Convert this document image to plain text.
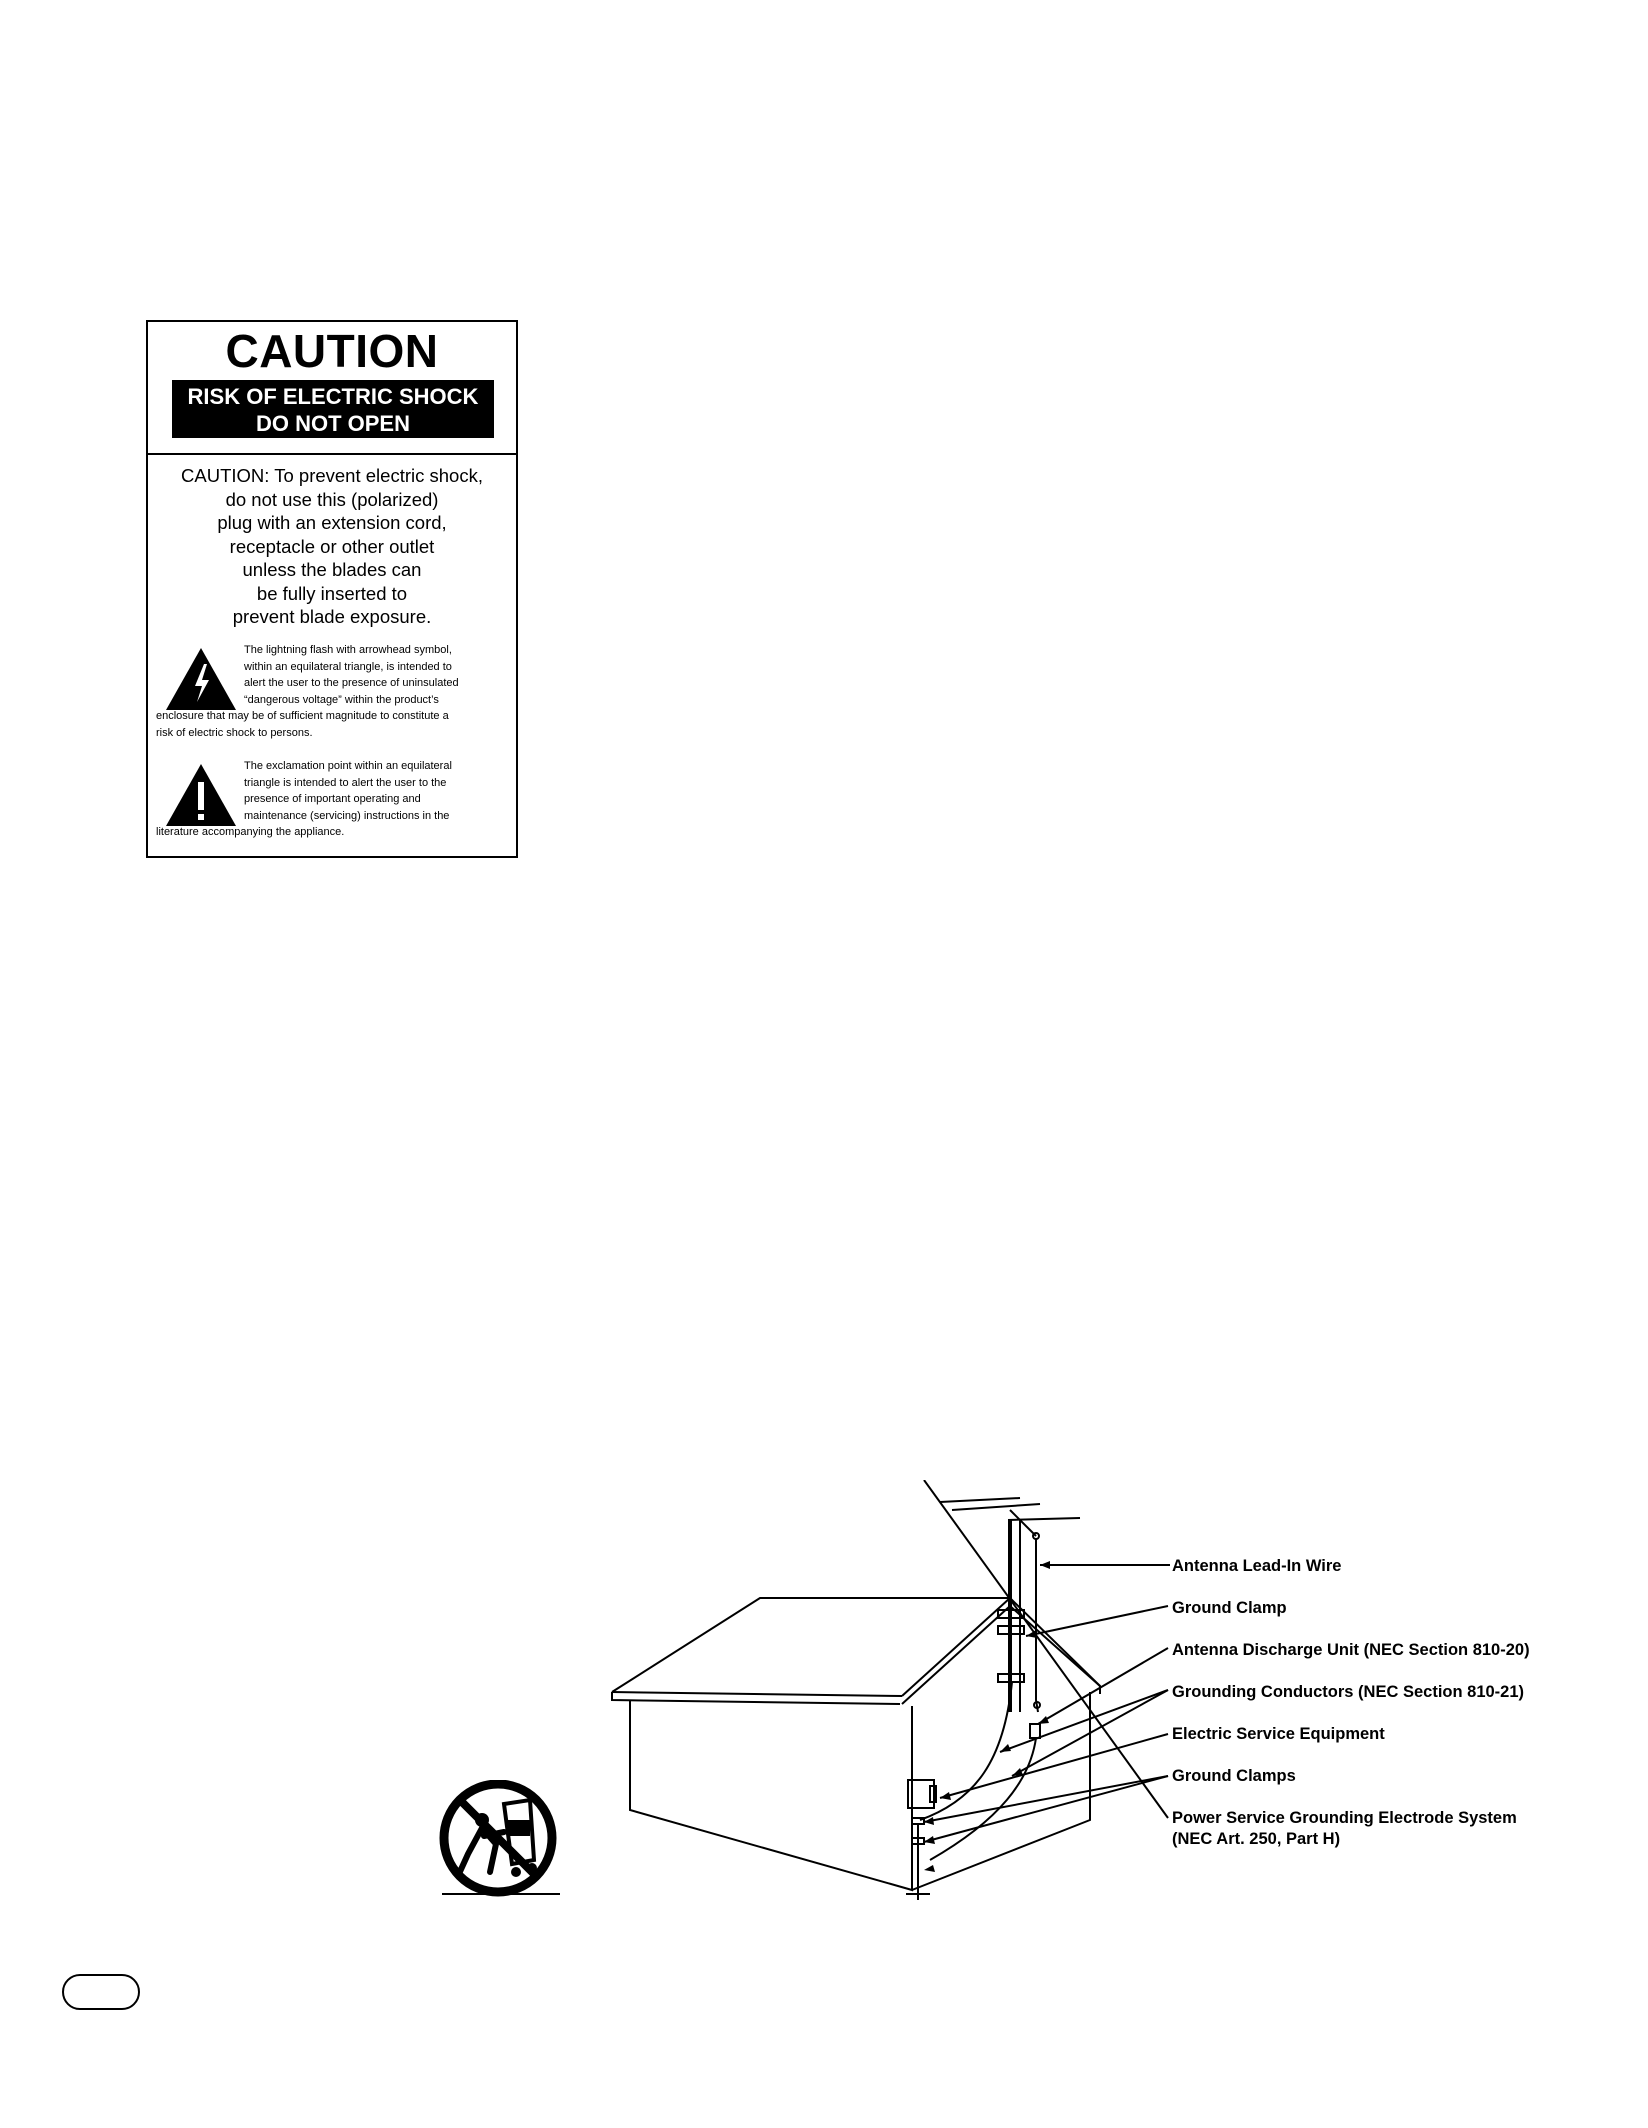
CAUTION
RISK OF ELECTRIC SHOCK
DO NOT OPEN
CAUTION: To prevent electric shock,
do not use this (polarized)
plug with an extension cord,
receptacle or other outlet
unless the blades can
be fully inserted to
prevent blade exposure.
The lightning flash with arrowhead symbol,
within an equilateral triangle, is intended to
alert the user to the presence of uninsulated
“dangerous voltage” within the product’s
enclosure that may be of sufficient magnitude to constitute a
risk of electric shock to persons.
The exclamation point within an equilateral
triangle is intended to alert the user to the
presence of important operating and
maintenance (servicing) instructions in the
literature accompanying the appliance.
Antenna Lead-In Wire
Ground Clamp
Antenna Discharge Unit (NEC Section 810-20)
Grounding Conductors (NEC Section 810-21)
Electric Service Equipment
Ground Clamps
Power Service Grounding Electrode System
(NEC Art. 250, Part H)
